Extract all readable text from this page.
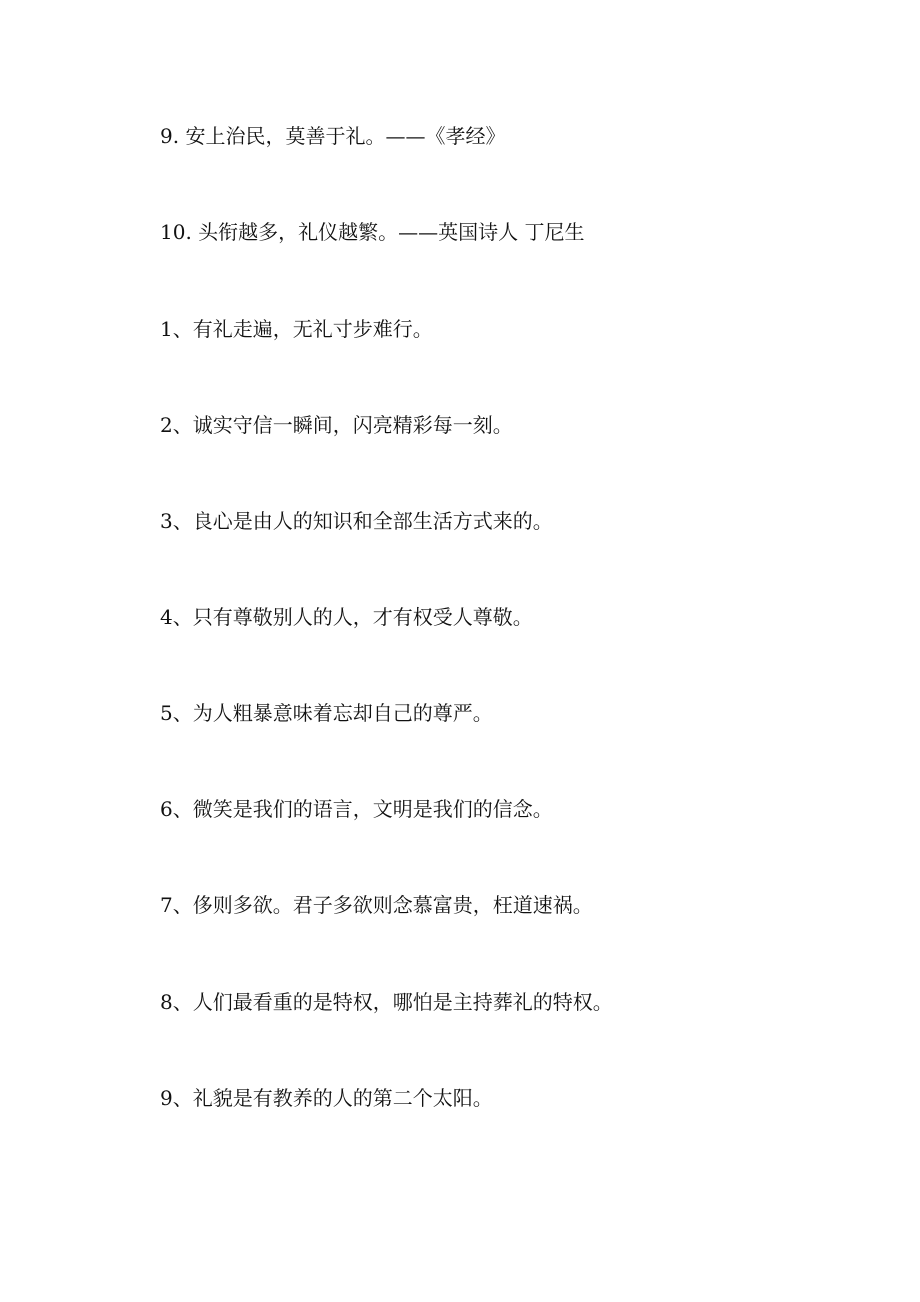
9. 安上治民，莫善于礼。——《孝经》
10. 头衔越多，礼仪越繁。——英国诗人 丁尼生
1、有礼走遍，无礼寸步难行。
2、诚实守信一瞬间，闪亮精彩每一刻。
3、良心是由人的知识和全部生活方式来的。
4、只有尊敬别人的人，才有权受人尊敬。
5、为人粗暴意味着忘却自己的尊严。
6、微笑是我们的语言，文明是我们的信念。
7、侈则多欲。君子多欲则念慕富贵，枉道速祸。
8、人们最看重的是特权，哪怕是主持葬礼的特权。
9、礼貌是有教养的人的第二个太阳。
